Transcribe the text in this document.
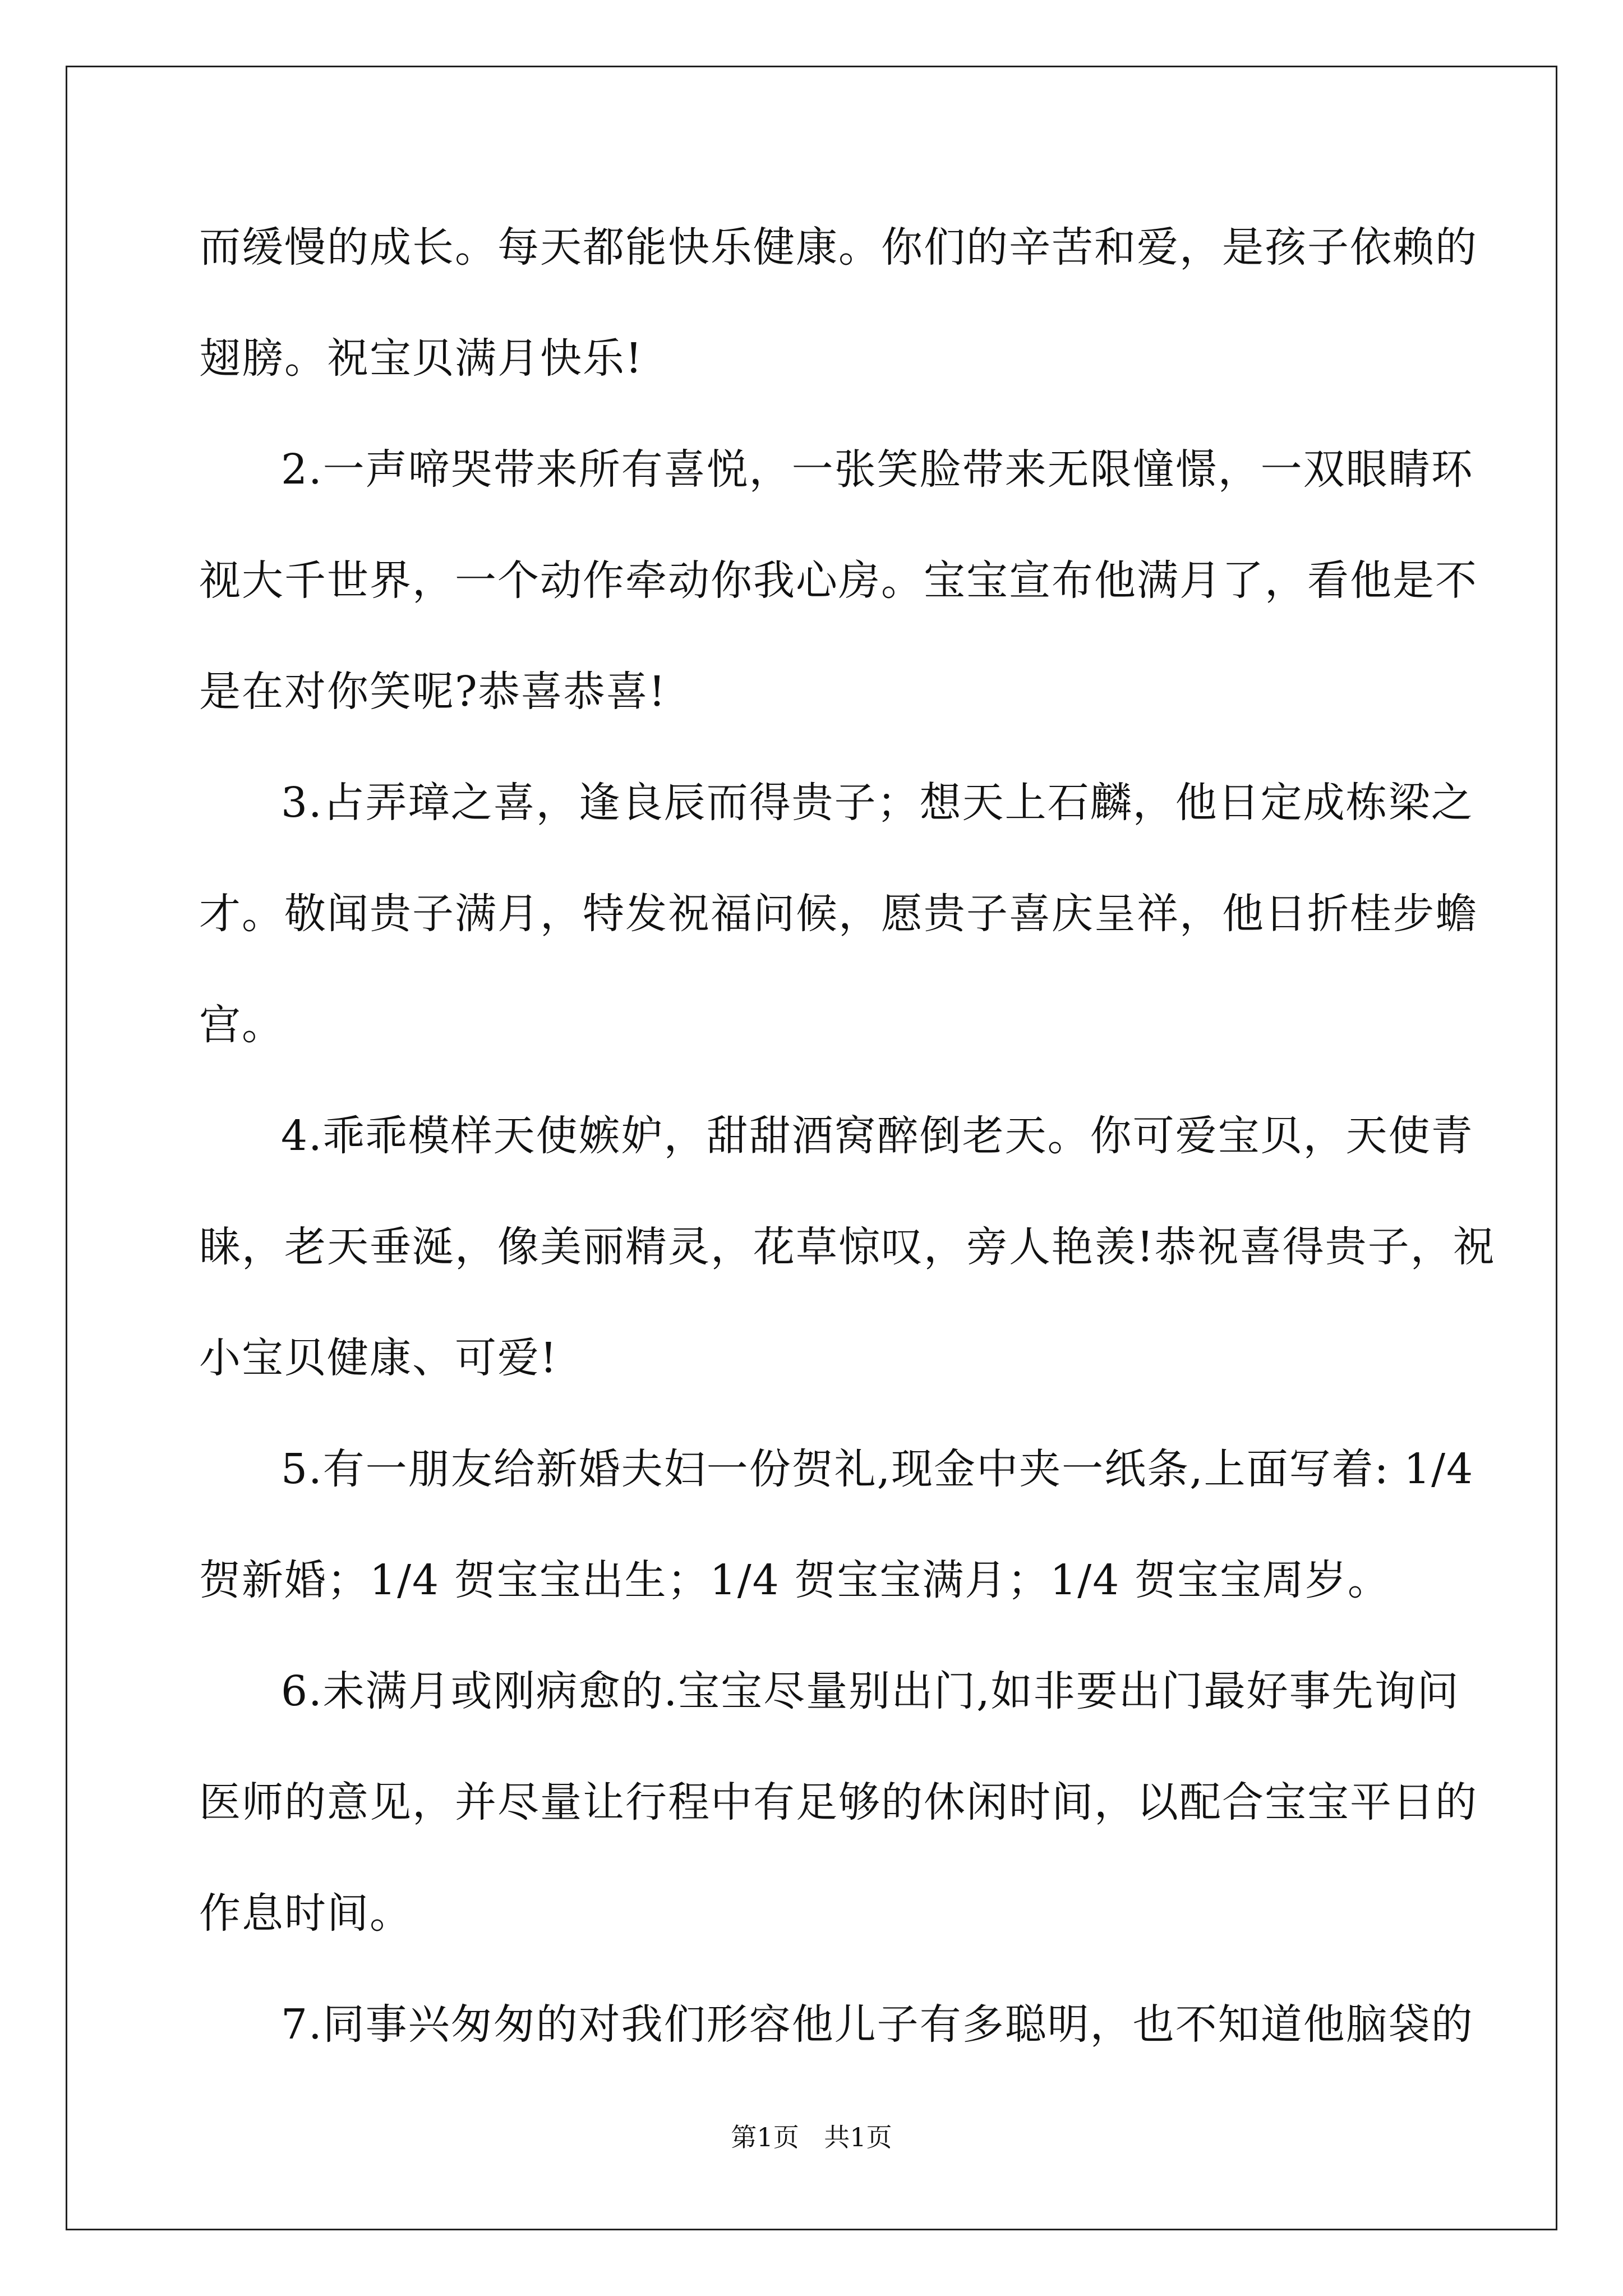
而缓慢的成长。每天都能快乐健康。你们的辛苦和爱，是孩子依赖的
翅膀。祝宝贝满月快乐!
2.一声啼哭带来所有喜悦，一张笑脸带来无限憧憬，一双眼睛环
视大千世界，一个动作牵动你我心房。宝宝宣布他满月了，看他是不
是在对你笑呢?恭喜恭喜!
3.占弄璋之喜，逢良辰而得贵子；想天上石麟，他日定成栋梁之
才。敬闻贵子满月，特发祝福问候，愿贵子喜庆呈祥，他日折桂步蟾
宫。
4.乖乖模样天使嫉妒，甜甜酒窝醉倒老天。你可爱宝贝，天使青
睐，老天垂涎，像美丽精灵，花草惊叹，旁人艳羡!恭祝喜得贵子，祝
小宝贝健康、可爱!
5.有一朋友给新婚夫妇一份贺礼,现金中夹一纸条,上面写着: 1/4
贺新婚；1/4 贺宝宝出生；1/4 贺宝宝满月；1/4 贺宝宝周岁。
6.未满月或刚病愈的.宝宝尽量别出门,如非要出门最好事先询问
医师的意见，并尽量让行程中有足够的休闲时间，以配合宝宝平日的
作息时间。
7.同事兴匆匆的对我们形容他儿子有多聪明，也不知道他脑袋的
第1页 共1页
